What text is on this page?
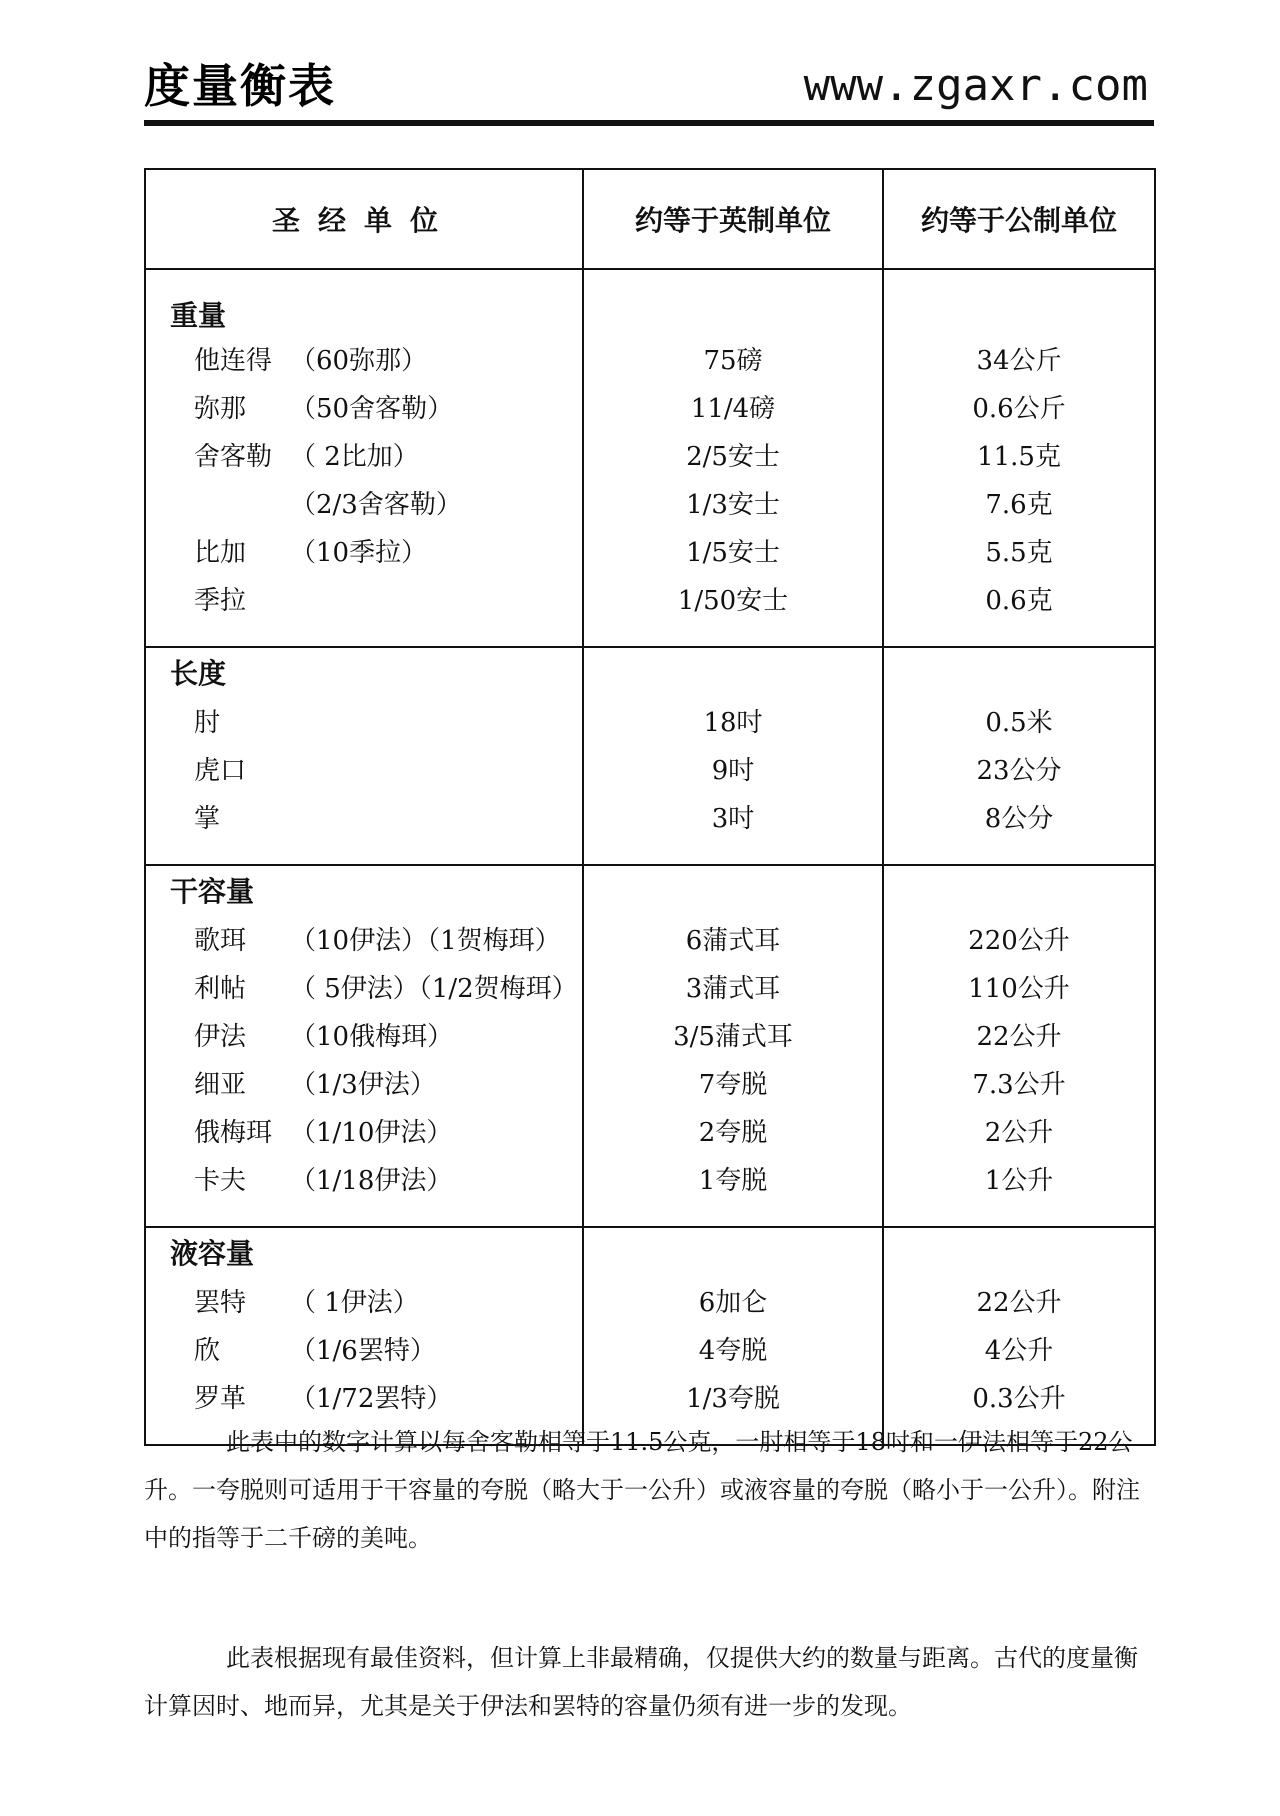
度量衡表	www.zgaxr.com
圣经单位	约等于英制单位	约等于公制单位
重量		
他连得 （60弥那）	75磅	34公斤
弥那 （50舍客勒）	11/4磅	0.6公斤
舍客勒 （ 2比加）	2/5安士	11.5克
（2/3舍客勒）	1/3安士	7.6克
比加 （10季拉）	1/5安士	5.5克
季拉	1/50安士	0.6克
长度		
肘	18吋	0.5米
虎口	9吋	23公分
掌	3吋	8公分
干容量		
歌珥 （10伊法）（1贺梅珥）	6蒲式耳	220公升
利帖 （ 5伊法）（1/2贺梅珥）	3蒲式耳	110公升
伊法 （10俄梅珥）	3/5蒲式耳	22公升
细亚 （1/3伊法）	7夸脱	7.3公升
俄梅珥 （1/10伊法）	2夸脱	2公升
卡夫 （1/18伊法）	1夸脱	1公升
液容量		
罢特 （ 1伊法）	6加仑	22公升
欣 （1/6罢特）	4夸脱	4公升
罗革 （1/72罢特）	1/3夸脱	0.3公升

此表中的数字计算以每舍客勒相等于11.5公克，一肘相等于18吋和一伊法相等于22公升。一夸脱则可适用于干容量的夸脱（略大于一公升）或液容量的夸脱（略小于一公升）。附注中的指等于二千磅的美吨。

此表根据现有最佳资料，但计算上非最精确，仅提供大约的数量与距离。古代的度量衡计算因时、地而异，尤其是关于伊法和罢特的容量仍须有进一步的发现。
